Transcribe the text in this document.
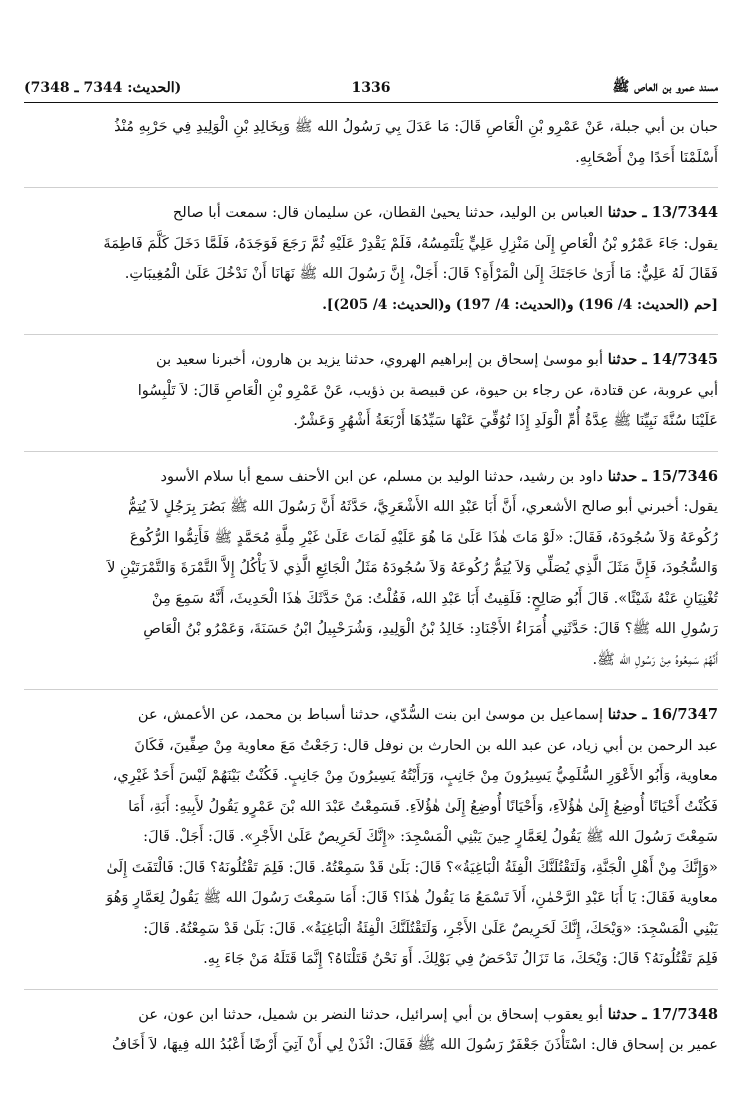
مسند عمرو بن العاص ﷺ
1336
(الحديث: 7344 ـ 7348)
حبان بن أبي جبلة، عَنْ عَمْرِو بْنِ الْعَاصِ قَالَ: مَا عَدَلَ بِي رَسُولُ الله ﷺ وَبِخَالِدِ بْنِ الْوَلِيدِ فِي حَرْبِهِ مُنْذُ
أَسْلَمْنَا أَحَدًا مِنْ أَصْحَابِهِ.
13/7344 ـ حدثنا العباس بن الوليد، حدثنا يحيىٰ القطان، عن سليمان قال: سمعت أبا صالح
يقول: جَاءَ عَمْرُو بْنُ الْعَاصِ إِلَىٰ مَنْزِلِ عَلِيٍّ يَلْتَمِسُهُ، فَلَمْ يَقْدِرْ عَلَيْهِ ثُمَّ رَجَعَ فَوَجَدَهُ، فَلَمَّا دَخَلَ كَلَّمَ فَاطِمَةَ
فَقَالَ لَهُ عَلِيٌّ: مَا أَرَىٰ حَاجَتَكَ إِلَىٰ الْمَرْأَةِ؟ قَالَ: أَجَلْ، إِنَّ رَسُولَ الله ﷺ نَهَانَا أَنْ نَدْخُلَ عَلَىٰ الْمُغِيبَاتِ.
[حم (الحديث: 4/ 196) و(الحديث: 4/ 197) و(الحديث: 4/ 205)].
14/7345 ـ حدثنا أبو موسىٰ إسحاق بن إبراهيم الهروي، حدثنا يزيد بن هارون، أخبرنا سعيد بن
أبي عروبة، عن قتادة، عن رجاء بن حيوة، عن قبيصة بن ذؤيب، عَنْ عَمْرِو بْنِ الْعَاصِ قَالَ: لاَ تَلْبِسُوا
عَلَيْنَا سُنَّةَ نَبِيِّنَا ﷺ عِدَّةُ أُمِّ الْوَلَدِ إِذَا تُوُفِّيَ عَنْهَا سَيِّدُهَا أَرْبَعَةُ أَشْهُرٍ وَعَشْرٌ.
15/7346 ـ حدثنا داود بن رشيد، حدثنا الوليد بن مسلم، عن ابن الأحنف سمع أبا سلام الأسود
يقول: أخبرني أبو صالح الأشعري، أَنَّ أَبَا عَبْدِ الله الأَشْعَرِيَّ، حَدَّثَهُ أَنَّ رَسُولَ الله ﷺ بَصُرَ بِرَجُلٍ لاَ يُتِمُّ
رُكُوعَهُ وَلاَ سُجُودَهُ، فَقَالَ: «لَوْ مَاتَ هٰذَا عَلَىٰ مَا هُوَ عَلَيْهِ لَمَاتَ عَلَىٰ غَيْرِ مِلَّةِ مُحَمَّدٍ ﷺ فَأَتِمُّوا الرُّكُوعَ
وَالسُّجُودَ، فَإِنَّ مَثَلَ الَّذِي يُصَلِّي وَلاَ يُتِمُّ رُكُوعَهُ وَلاَ سُجُودَهُ مَثَلُ الْجَائِعِ الَّذِي لاَ يَأْكُلُ إِلاَّ التَّمْرَةَ وَالتَّمْرَتَيْنِ لاَ
تُغْنِيَانِ عَنْهُ شَيْئًا». قَالَ أَبُو صَالِحٍ: فَلَقِيتُ أَبَا عَبْدِ الله، فَقُلْتُ: مَنْ حَدَّثَكَ هٰذَا الْحَدِيثَ، أَنَّهُ سَمِعَ مِنْ
رَسُولِ الله ﷺ؟ قَالَ: حَدَّثَنِي أُمَرَاءُ الأَجْنَادِ: خَالِدُ بْنُ الْوَلِيدِ، وَشُرَحْبِيلُ ابْنُ حَسَنَةَ، وَعَمْرُو بْنُ الْعَاصِ
أَنَّهُمْ سَمِعُوهُ مِنْ رَسُولِ الله ﷺ.
16/7347 ـ حدثنا إسماعيل بن موسىٰ ابن بنت السُّدّي، حدثنا أسباط بن محمد، عن الأعمش، عن
عبد الرحمن بن أبي زياد، عن عبد الله بن الحارث بن نوفل قال: رَجَعْتُ مَعَ معاوية مِنْ صِفِّينَ، فَكَانَ
معاوية، وَأَبُو الأَعْوَرِ السُّلَمِيُّ يَسِيرُونَ مِنْ جَانِبٍ، وَرَأَيْتُهُ يَسِيرُونَ مِنْ جَانِبٍ. فَكُنْتُ بَيْنَهُمْ لَيْسَ أَحَدٌ غَيْرِي،
فَكُنْتُ أَحْيَانًا أُوضِعُ إِلَىٰ هٰؤُلاَءِ، وَأَحْيَانًا أُوضِعُ إِلَىٰ هٰؤُلاَءِ. فَسَمِعْتُ عَبْدَ الله بْنَ عَمْرٍو يَقُولُ لأَبِيهِ: أَبَةِ، أَمَا
سَمِعْتَ رَسُولَ الله ﷺ يَقُولُ لِعَمَّارٍ حِينَ يَبْنِي الْمَسْجِدَ: «إِنَّكَ لَحَرِيصٌ عَلَىٰ الأَجْرِ». قَالَ: أَجَلْ. قَالَ:
«وَإِنَّكَ مِنْ أَهْلِ الْجَنَّةِ، وَلَتَقْتُلَنَّكَ الْفِئَةُ الْبَاغِيَةُ»؟ قَالَ: بَلَىٰ قَدْ سَمِعْتُهُ. قَالَ: فَلِمَ تَقْتُلُونَهُ؟ قَالَ: فَالْتَفَتَ إِلَىٰ
معاوية فَقَالَ: يَا أَبَا عَبْدِ الرَّحْمٰنِ، أَلاَ تَسْمَعُ مَا يَقُولُ هٰذَا؟ قَالَ: أَمَا سَمِعْتَ رَسُولَ الله ﷺ يَقُولُ لِعَمَّارٍ وَهُوَ
يَبْنِي الْمَسْجِدَ: «وَيْحَكَ، إِنَّكَ لَحَرِيصٌ عَلَىٰ الأَجْرِ، وَلَتَقْتُلَنَّكَ الْفِئَةُ الْبَاغِيَةُ». قَالَ: بَلَىٰ قَدْ سَمِعْتُهُ. قَالَ:
فَلِمَ تَقْتُلُونَهُ؟ قَالَ: وَيْحَكَ، مَا تَزَالُ تَدْحَضُ فِي بَوْلِكَ. أَوَ نَحْنُ قَتَلْنَاهُ؟ إِنَّمَا قَتَلَهُ مَنْ جَاءَ بِهِ.
17/7348 ـ حدثنا أبو يعقوب إسحاق بن أبي إسرائيل، حدثنا النضر بن شميل، حدثنا ابن عون، عن
عمير بن إسحاق قال: اسْتَأْذَنَ جَعْفَرٌ رَسُولَ الله ﷺ فَقَالَ: ائْذَنْ لِي أَنْ آتِيَ أَرْضًا أَعْبُدُ الله فِيهَا، لاَ أَخَافُ
